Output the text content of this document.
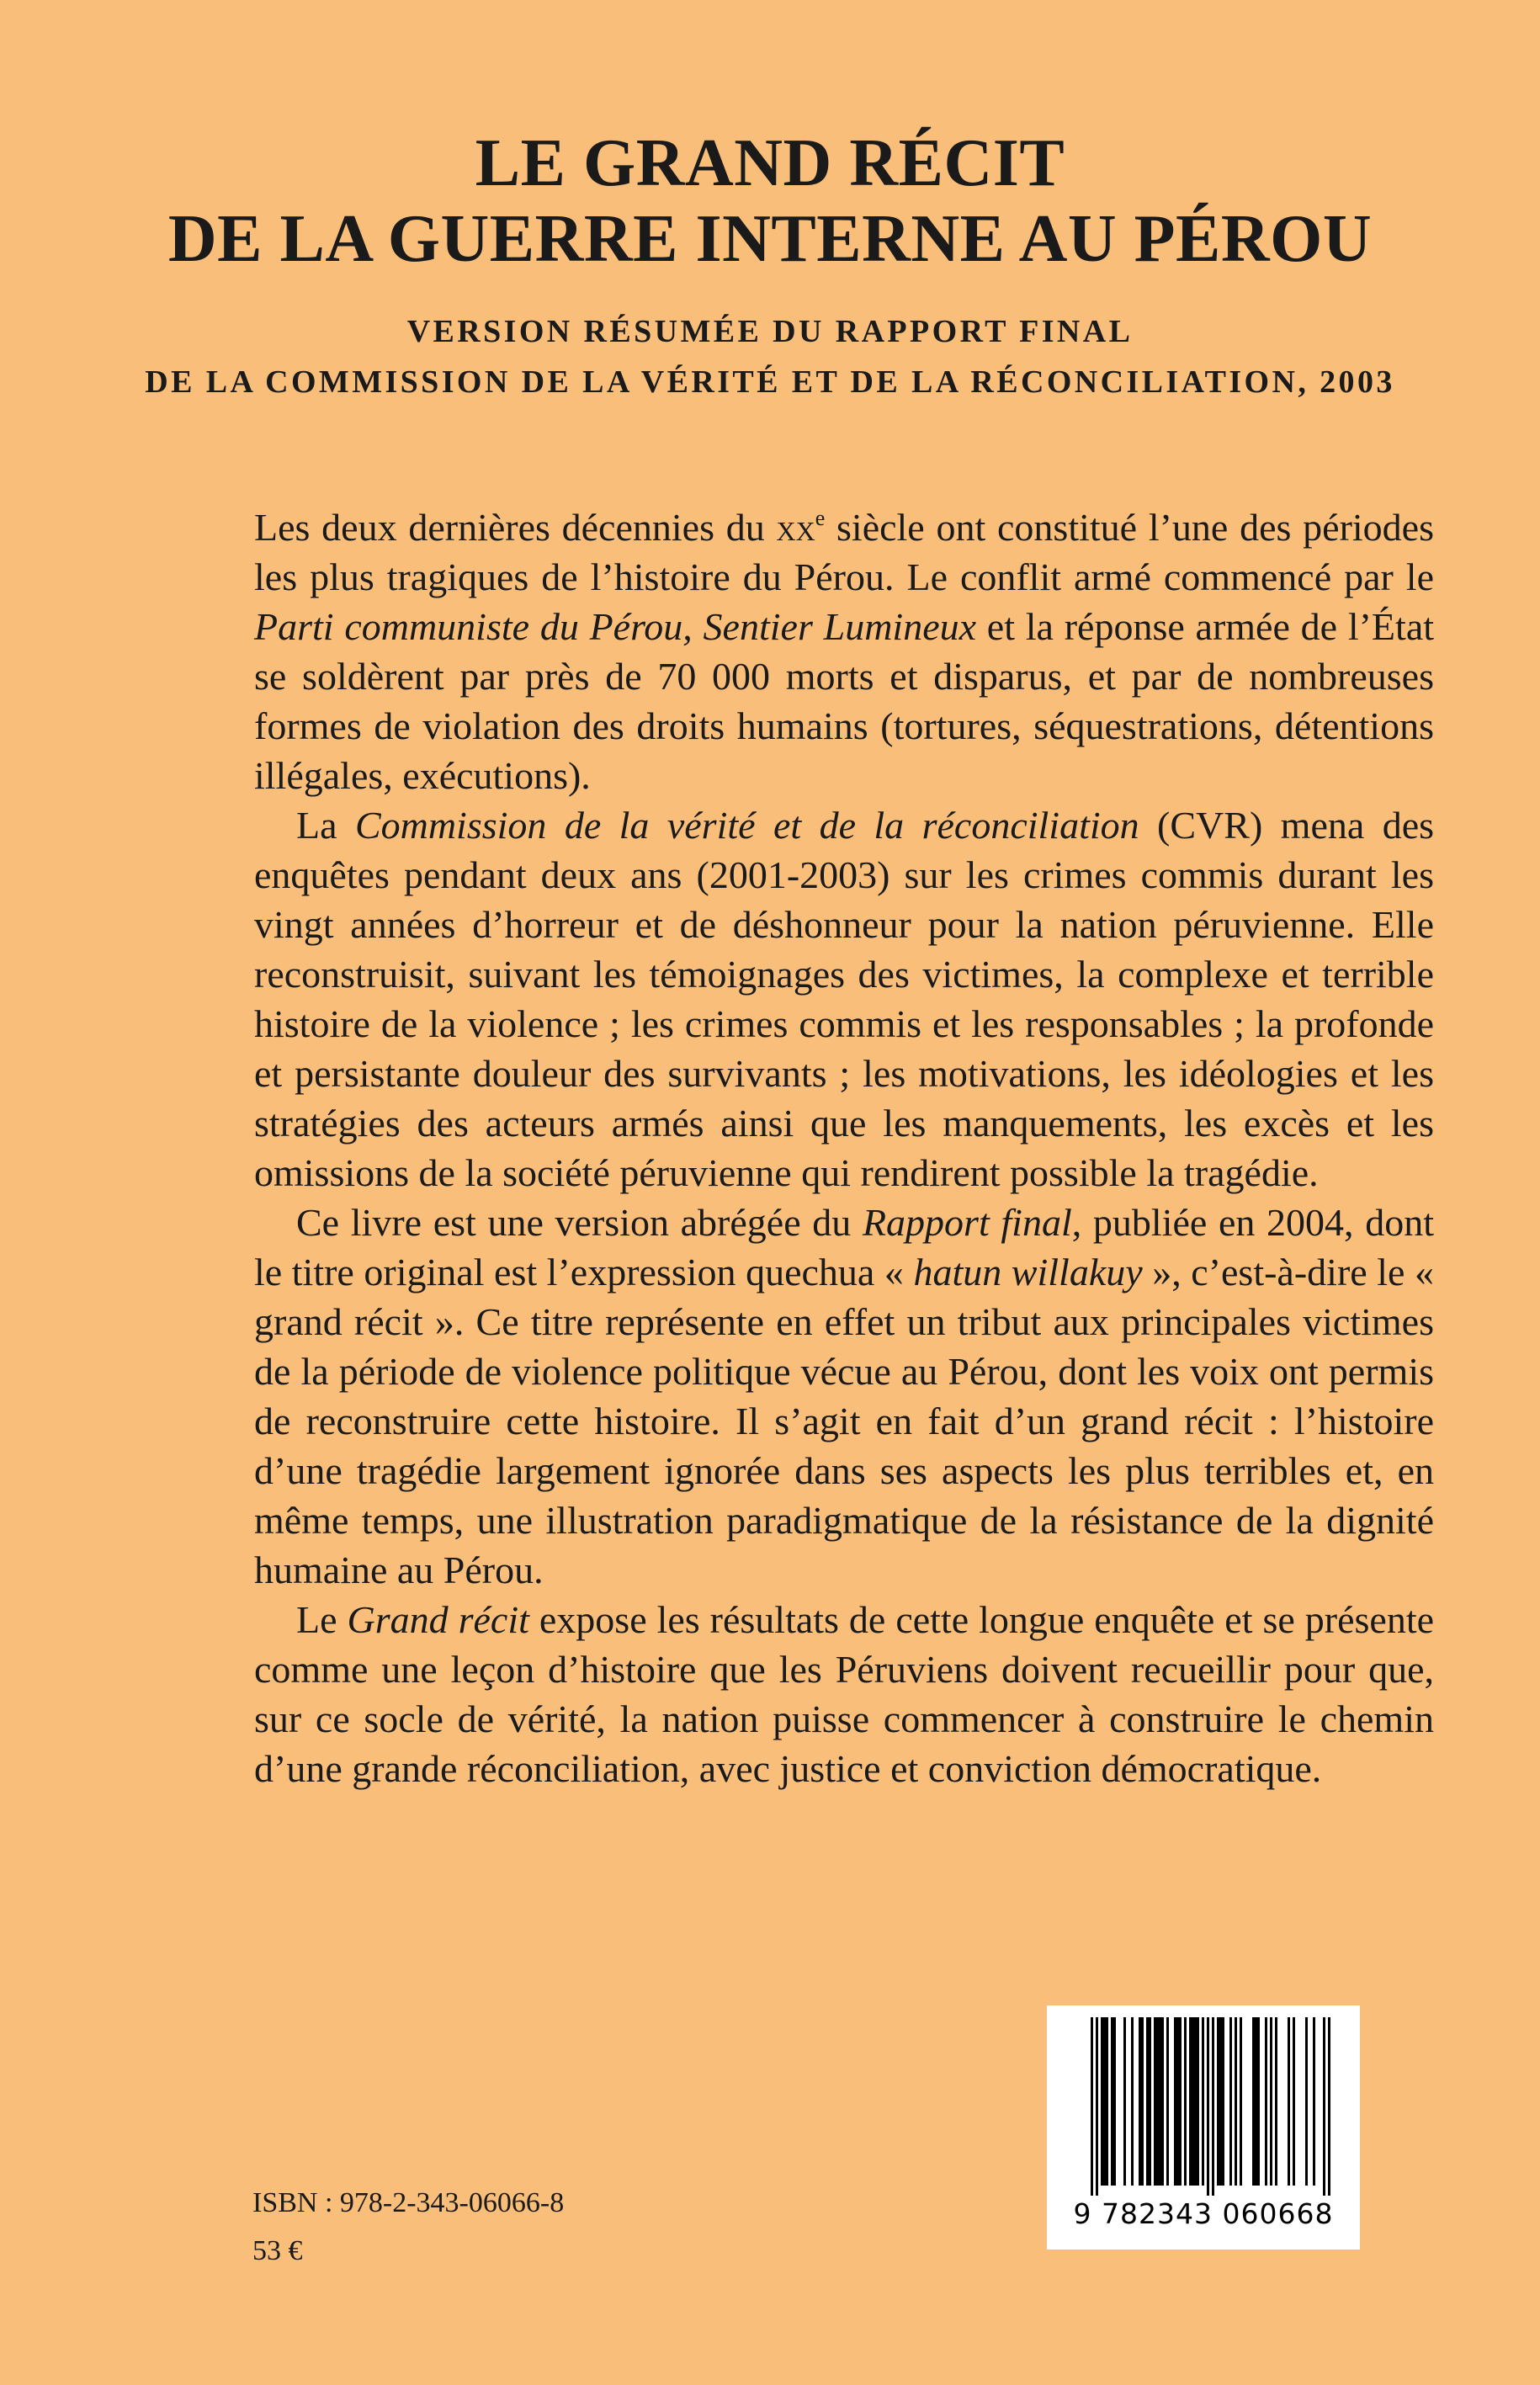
LE GRAND RÉCIT
DE LA GUERRE INTERNE AU PÉROU
VERSION RÉSUMÉE DU RAPPORT FINAL
DE LA COMMISSION DE LA VÉRITÉ ET DE LA RÉCONCILIATION, 2003

Les deux dernières décennies du $xx^e$ siècle ont constitué l’une des périodes les plus tragiques de l’histoire du Pérou. Le conflit armé commencé par le Parti communiste du Pérou, Sentier Lumineux et la réponse armée de l’État se soldèrent par près de 70 000 morts et disparus, et par de nombreuses formes de violation des droits humains (tortures, séquestrations, détentions illégales, exécutions).

La Commission de la vérité et de la réconciliation (CVR) mena des enquêtes pendant deux ans (2001-2003) sur les crimes commis durant les vingt années d’horreur et de déshonneur pour la nation péruvienne. Elle reconstruisit, suivant les témoignages des victimes, la complexe et terrible histoire de la violence ; les crimes commis et les responsables ; la profonde et persistante douleur des survivants ; les motivations, les idéologies et les stratégies des acteurs armés ainsi que les manquements, les excès et les omissions de la société péruvienne qui rendirent possible la tragédie.

Ce livre est une version abrégée du Rapport final, publiée en 2004, dont le titre original est l’expression quechua « hatun willakuy », c’est-à-dire le « grand récit ». Ce titre représente en effet un tribut aux principales victimes de la période de violence politique vécue au Pérou, dont les voix ont permis de reconstruire cette histoire. Il s’agit en fait d’un grand récit : l’histoire d’une tragédie largement ignorée dans ses aspects les plus terribles et, en même temps, une illustration paradigmatique de la résistance de la dignité humaine au Pérou.

Le Grand récit expose les résultats de cette longue enquête et se présente comme une leçon d’histoire que les Péruviens doivent recueillir pour que, sur ce socle de vérité, la nation puisse commencer à construire le chemin d’une grande réconciliation, avec justice et conviction démocratique.

ISBN : 978-2-343-06066-8
53 €
9 782343 060668
